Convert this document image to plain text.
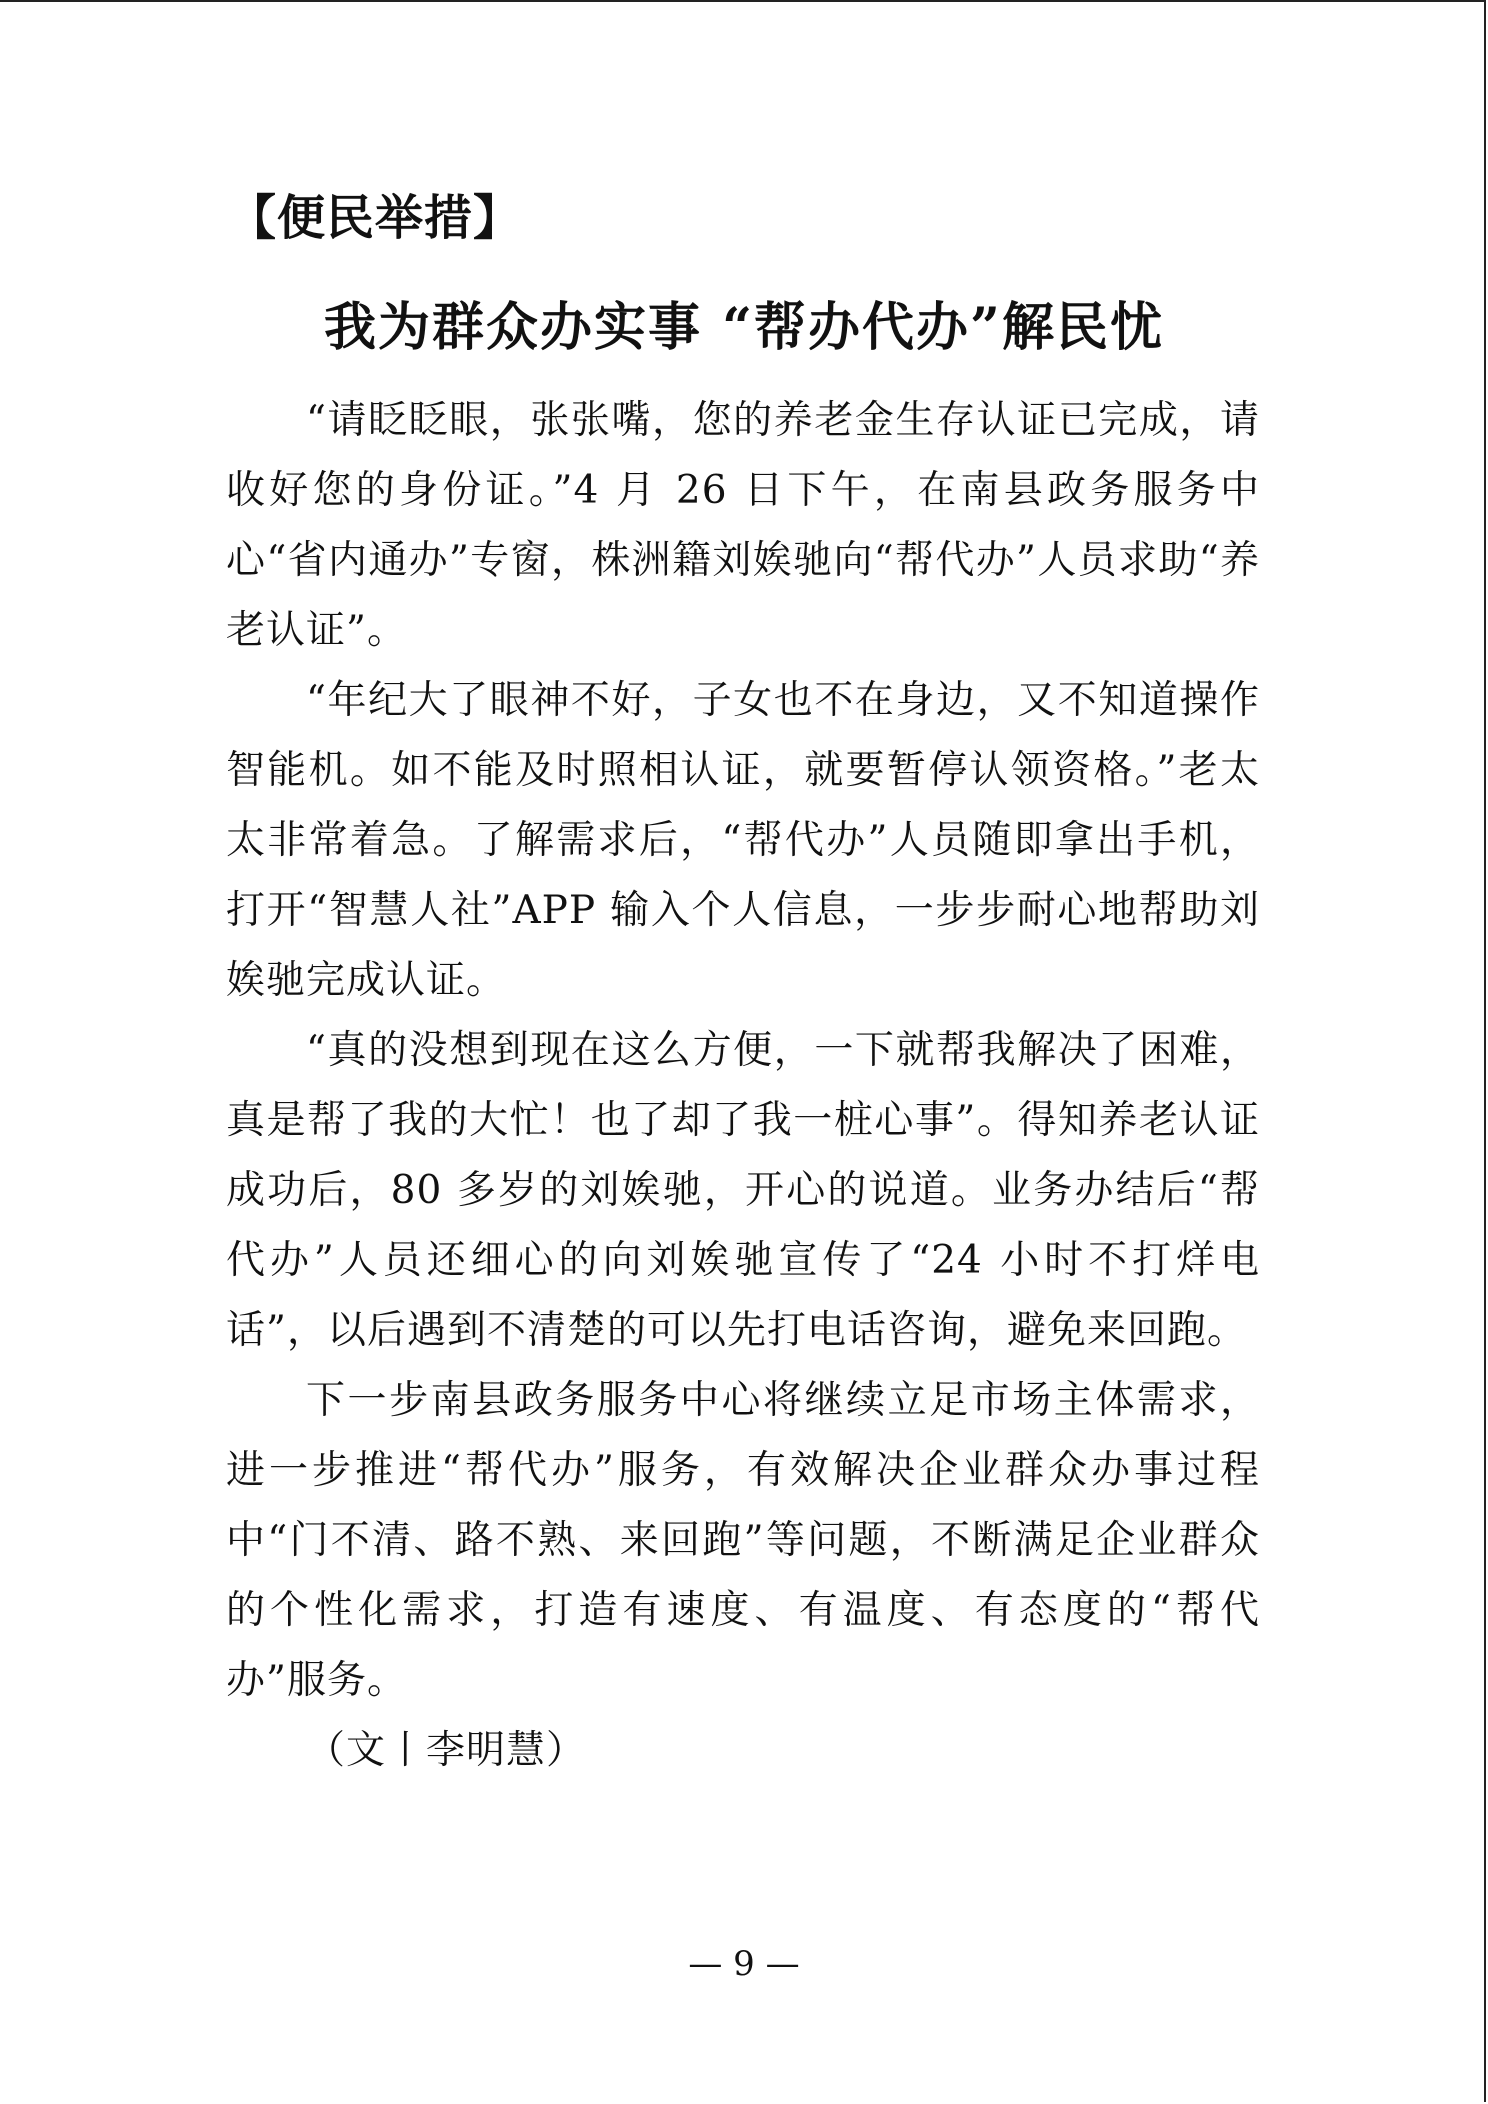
【便民举措】
我为群众办实事 “帮办代办”解民忧

“请眨眨眼，张张嘴，您的养老金生存认证已完成，请收好您的身份证。”4 月 26 日下午，在南县政务服务中心“省内通办”专窗，株洲籍刘娭驰向“帮代办”人员求助“养老认证”。

“年纪大了眼神不好，子女也不在身边，又不知道操作智能机。如不能及时照相认证，就要暂停认领资格。”老太太非常着急。了解需求后，“帮代办”人员随即拿出手机，打开“智慧人社”APP 输入个人信息，一步步耐心地帮助刘娭驰完成认证。

“真的没想到现在这么方便，一下就帮我解决了困难，真是帮了我的大忙！也了却了我一桩心事”。得知养老认证成功后，80 多岁的刘娭驰，开心的说道。业务办结后“帮代办”人员还细心的向刘娭驰宣传了“24 小时不打烊电话”，以后遇到不清楚的可以先打电话咨询，避免来回跑。

下一步南县政务服务中心将继续立足市场主体需求，进一步推进“帮代办”服务，有效解决企业群众办事过程中“门不清、路不熟、来回跑”等问题，不断满足企业群众的个性化需求，打造有速度、有温度、有态度的“帮代办”服务。

（文丨李明慧）

— 9 —
